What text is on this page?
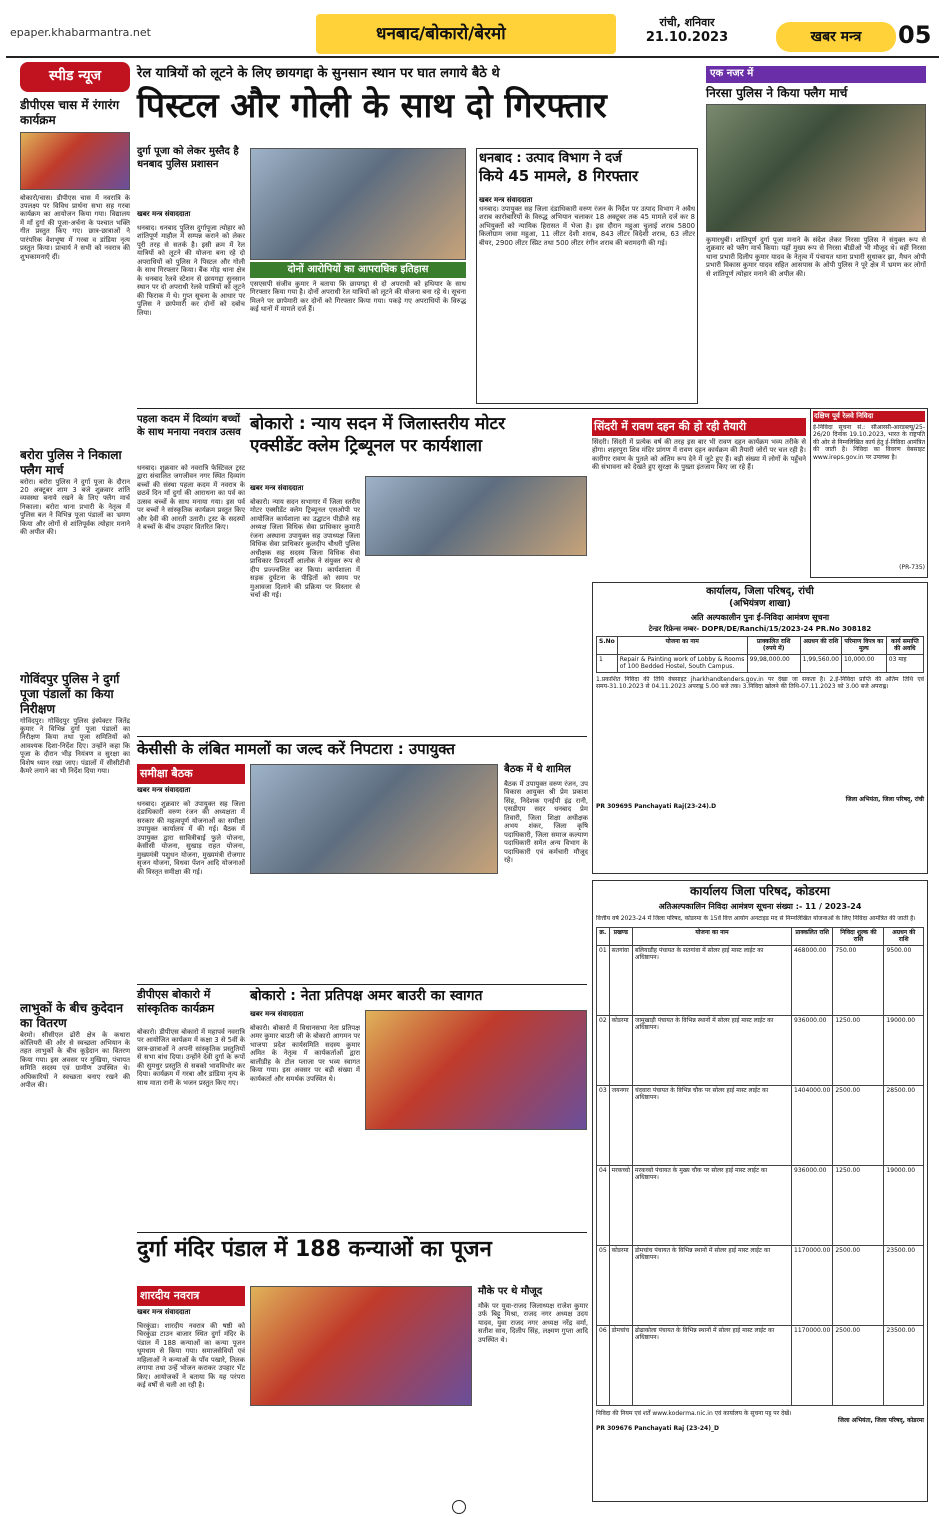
epaper.khabarmantra.net	धनबाद/बोकारो/बेरमो
रांची, शनिवार
21.10.2023	खबर मन्त्र	05
स्पीड न्यूज
डीपीएस चास में रंगारंग कार्यक्रम
बोकारो/चास। डीपीएस चास में नवरात्रि के उपलक्ष्य पर विविध प्रार्थना सभा सह गरबा कार्यक्रम का आयोजन किया गया। विद्यालय में माँ दुर्गा की पूजा-अर्चना के पश्चात भक्ति गीत प्रस्तुत किए गए। छात्र-छात्राओं ने पारंपरिक वेशभूषा में गरबा व डांडिया नृत्य प्रस्तुत किया। प्राचार्य ने सभी को नवरात्र की शुभकामनाएँ दीं।
बरोरा पुलिस ने निकाला फ्लैग मार्च
बरोरा। बरोरा पुलिस ने दुर्गा पूजा के दौरान 20 अक्टूबर शाम 3 बजे शुक्रवार शांति व्यवस्था बनाये रखने के लिए फ्लैग मार्च निकाला। बरोरा थाना प्रभारी के नेतृत्व में पुलिस बल ने विभिन्न पूजा पंडालों का भ्रमण किया और लोगों से शांतिपूर्वक त्योहार मनाने की अपील की।
गोविंदपुर पुलिस ने दुर्गा पूजा पंडालों का किया निरीक्षण
गोविंदपुर। गोविंदपुर पुलिस इंस्पेक्टर जितेंद्र कुमार ने विभिन्न दुर्गा पूजा पंडालों का निरीक्षण किया तथा पूजा समितियों को आवश्यक दिशा-निर्देश दिए। उन्होंने कहा कि पूजा के दौरान भीड़ नियंत्रण व सुरक्षा का विशेष ध्यान रखा जाए। पंडालों में सीसीटीवी कैमरे लगाने का भी निर्देश दिया गया।
लाभुकों के बीच कुदेदान का वितरण
बेरमो। सीसीएल ढोरी क्षेत्र के कथारा कोलियरी की ओर से स्वच्छता अभियान के तहत लाभुकों के बीच कूड़ेदान का वितरण किया गया। इस अवसर पर मुखिया, पंचायत समिति सदस्य एवं ग्रामीण उपस्थित थे। अधिकारियों ने स्वच्छता बनाए रखने की अपील की।
रेल यात्रियों को लूटने के लिए छायगद्दा के सुनसान स्थान पर घात लगाये बैठे थे
पिस्टल और गोली के साथ दो गिरफ्तार
दुर्गा पूजा को लेकर मुस्तैद है धनबाद पुलिस प्रशासन
खबर मन्त्र संवाददाता
धनबाद। धनबाद पुलिस दुर्गापूजा त्योहार को शांतिपूर्ण माहौल में सम्पन्न कराने को लेकर पूरी तरह से सतर्क है। इसी क्रम में रेल यात्रियों को लूटने की योजना बना रहे दो अपराधियों को पुलिस ने पिस्टल और गोली के साथ गिरफ्तार किया। बैंक मोड़ थाना क्षेत्र के धनबाद रेलवे स्टेशन से छायगद्दा सुनसान स्थान पर दो अपराधी रेलवे यात्रियों को लूटने की फिराक में थे। गुप्त सूचना के आधार पर पुलिस ने छापेमारी कर दोनों को दबोच लिया।
दोनों आरोपियों का आपराधिक इतिहास
एसएसपी संजीव कुमार ने बताया कि छायगद्दा से दो अपराधी को हथियार के साथ गिरफ्तार किया गया है। दोनों अपराधी रेल यात्रियों को लूटने की योजना बना रहे थे। सूचना मिलने पर छापेमारी कर दोनों को गिरफ्तार किया गया। पकड़े गए अपराधियों के विरुद्ध कई थानों में मामले दर्ज हैं।
धनबाद : उत्पाद विभाग ने दर्ज
किये 45 मामले, 8 गिरफ्तार
खबर मन्त्र संवाददाता
धनबाद। उपायुक्त सह जिला दंडाधिकारी वरुण रंजन के निर्देश पर उत्पाद विभाग ने अवैध शराब कारोबारियों के विरुद्ध अभियान चलाकर 18 अक्टूबर तक 45 मामले दर्ज कर 8 अभियुक्तों को न्यायिक हिरासत में भेजा है। इस दौरान महुआ चुलाई शराब 5800 किलोग्राम जावा महुआ, 11 लीटर देशी शराब, 843 लीटर विदेशी शराब, 63 लीटर बीयर, 2900 लीटर स्प्रिट तथा 500 लीटर रंगीन शराब की बरामदगी की गई।
एक नजर में
निरसा पुलिस ने किया फ्लैग मार्च
कुमारधुबी। शांतिपूर्ण दुर्गा पूजा मनाने के संदेश लेकर निरसा पुलिस ने संयुक्त रूप से शुक्रवार को फ्लैग मार्च किया। यहाँ मुख्य रूप से निरसा बीडीओ भी मौजूद थे। वहीं निरसा थाना प्रभारी दिलीप कुमार यादव के नेतृत्व में पंचायत थाना प्रभारी सुधाकर झा, मैथन ओपी प्रभारी विकास कुमार यादव सहित आसपास के ओपी पुलिस ने पूरे क्षेत्र में भ्रमण कर लोगों से शांतिपूर्ण त्योहार मनाने की अपील की।
पहला कदम में दिव्यांग बच्चों के साथ मनाया नवरात्र उत्सव
धनबाद। शुक्रवार को नवरात्रि फेस्टिवल ट्रस्ट द्वारा संचालित जगजीवन नगर स्थित दिव्यांग बच्चों की संस्था पहला कदम में नवरात्र के छठवें दिन माँ दुर्गा की आराधना का पर्व का उत्सव बच्चों के साथ मनाया गया। इस पर्व पर बच्चों ने सांस्कृतिक कार्यक्रम प्रस्तुत किए और देवी की आरती उतारी। ट्रस्ट के सदस्यों ने बच्चों के बीच उपहार वितरित किए।
बोकारो : न्याय सदन में जिलास्तरीय मोटर
एक्सीडेंट क्लेम ट्रिब्यूनल पर कार्यशाला
खबर मन्त्र संवाददाता
बोकारो। न्याय सदन सभागार में जिला स्तरीय मोटर एक्सीडेंट क्लेम ट्रिब्यूनल एसओपी पर आयोजित कार्यशाला का उद्घाटन पीडीजे सह अध्यक्ष जिला विधिक सेवा प्राधिकार कुमारी रंजना अस्थाना उपायुक्त सह उपाध्यक्ष जिला विधिक सेवा प्राधिकार कुलदीप चौधरी पुलिस अधीक्षक सह सदस्य जिला विधिक सेवा प्राधिकार प्रियदर्शी आलोक ने संयुक्त रूप से दीप प्रज्ज्वलित कर किया। कार्यशाला में सड़क दुर्घटना के पीड़ितों को समय पर मुआवजा दिलाने की प्रक्रिया पर विस्तार से चर्चा की गई।
सिंदरी में रावण दहन की हो रही तैयारी
सिंदरी। सिंदरी में प्रत्येक वर्ष की तरह इस बार भी रावण दहन कार्यक्रम भव्य तरीके से होगा। शहरपुरा शिव मंदिर प्रांगण में रावण दहन कार्यक्रम की तैयारी जोरों पर चल रही है। कारीगर रावण के पुतले को अंतिम रूप देने में जुटे हुए हैं। बड़ी संख्या में लोगों के पहुँचने की संभावना को देखते हुए सुरक्षा के पुख्ता इंतजाम किए जा रहे हैं।
दक्षिण पूर्व रेलवे निविदा
ई-निविदा सूचना सं.: सीआरसी-आरडब्ल्यू/25-26/20 दिनांक 19.10.2023, भारत के राष्ट्रपति की ओर से निम्नलिखित कार्य हेतु ई-निविदा आमंत्रित की जाती है। निविदा का विवरण वेबसाइट www.ireps.gov.in पर उपलब्ध है।
(PR-735)
कार्यालय, जिला परिषद्, रांची
(अभियंत्रण शाखा)
अति अल्पकालीन पुनः ई-निविदा आमंत्रण सूचना
टेन्डर रिफ्रेन्स नम्बर- DOPR/DE/Ranchi/15/2023-24 PR.No 308182
S.No	योजना का नाम	प्राक्कलित राशि (रुपये में)	अग्रधन की राशि	परिमाण विपत्र का मूल्य	कार्य समाप्ति की अवधि
1	Repair & Painting work of Lobby & Rooms of 100 Bedded Hostel, South Campus.	99,98,000.00	1,99,560.00	10,000.00	03 माह
1.प्रकाशित निविदा की तिथि वेबसाइट jharkhandtenders.gov.in पर देखा जा सकता है। 2.ई-निविदा प्राप्ति की अंतिम तिथि एवं समय-31.10.2023 से 04.11.2023 अपराह्न 5.00 बजे तक। 3.निविदा खोलने की तिथि-07.11.2023 को 3.00 बजे अपराह्न।
जिला अभियंता, जिला परिषद्, रांची
PR 309695 Panchayati Raj(23-24).D
केसीसी के लंबित मामलों का जल्द करें निपटारा : उपायुक्त
समीक्षा बैठक
खबर मन्त्र संवाददाता
धनबाद। शुक्रवार को उपायुक्त सह जिला दंडाधिकारी वरुण रंजन की अध्यक्षता में सरकार की महत्वपूर्ण योजनाओं का समीक्षा उपायुक्त कार्यालय में की गई। बैठक में उपायुक्त द्वारा सावित्रीबाई फुले योजना, केसीसी योजना, सुखाड़ राहत योजना, मुख्यमंत्री पशुधन योजना, मुख्यमंत्री रोजगार सृजन योजना, विधवा पेंशन आदि योजनाओं की विस्तृत समीक्षा की गई।
बैठक में थे शामिल
बैठक में उपायुक्त वरुण रंजन, उप विकास आयुक्त श्री प्रेम प्रकाश सिंह, निदेशक एनईपी इंद्र रानी, एसडीएम सदर धनबाद प्रेम तिवारी, जिला शिक्षा अधीक्षक अभय शंकर, जिला कृषि पदाधिकारी, जिला समाज कल्याण पदाधिकारी समेत अन्य विभाग के पदाधिकारी एवं कर्मचारी मौजूद रहे।
डीपीएस बोकारो में सांस्कृतिक कार्यक्रम
बोकारो। डीपीएस बोकारो में महापर्व नवरात्रि पर आयोजित कार्यक्रम में कक्षा 3 से 5वीं के छात्र-छात्राओं ने अपनी सांस्कृतिक प्रस्तुतियों से सभा बांध दिया। उन्होंने देवी दुर्गा के रूपों की सुमधुर प्रस्तुति से सबको भावविभोर कर दिया। कार्यक्रम में गरबा और डांडिया नृत्य के साथ माता रानी के भजन प्रस्तुत किए गए।
बोकारो : नेता प्रतिपक्ष अमर बाउरी का स्वागत
खबर मन्त्र संवाददाता
बोकारो। बोकारो में विधानसभा नेता प्रतिपक्ष अमर कुमार बाउरी जी के बोकारो आगमन पर भाजपा प्रदेश कार्यसमिति सदस्य कुमार अमित के नेतृत्व में कार्यकर्ताओं द्वारा बालीडीह के टोल प्लाजा पर भव्य स्वागत किया गया। इस अवसर पर बड़ी संख्या में कार्यकर्ता और समर्थक उपस्थित थे।
दुर्गा मंदिर पंडाल में 188 कन्याओं का पूजन
शारदीय नवरात्र
खबर मन्त्र संवाददाता
चिरकुंडा। शारदीय नवरात्र की षष्ठी को चिरकुंडा टाउन बाजार स्थित दुर्गा मंदिर के पंडाल में 188 कन्याओं का कन्या पूजन धूमधाम से किया गया। समाजसेवियों एवं महिलाओं ने कन्याओं के पाँव पखारे, तिलक लगाया तथा उन्हें भोजन कराकर उपहार भेंट किए। आयोजकों ने बताया कि यह परंपरा कई वर्षों से चली आ रही है।
मौके पर थे मौजूद
मौके पर युवा-राजद जिलाध्यक्ष राजेश कुमार उर्फ बिट्टू मिश्रा, राजद नगर अध्यक्ष उदय यादव, युवा राजद नगर अध्यक्ष नरेंद्र वर्मा, सतीश साव, दिलीप सिंह, लक्ष्मण गुप्ता आदि उपस्थित थे।
कार्यालय जिला परिषद, कोडरमा
अतिअल्पकालिन निविदा आमंत्रण सूचना संख्या :- 11 / 2023-24
वित्तीय वर्ष 2023-24 में जिला परिषद, कोडरमा के 15वें वित्त आयोग अनटाइड मद से निम्नलिखित योजनाओं के लिए निविदा आमंत्रित की जाती है।
क्र.	प्रखण्ड	योजना का नाम	प्राक्कलित राशि	निविदा शुल्क की राशि	अग्रधन की राशि
01	सतगांवा	बलियाडीह पंचायत के सतगांवा में सोलर हाई मास्ट लाईट का अधिष्ठापन।	468000.00	750.00	9500.00
02	कोडरमा	जामूखाड़ी पंचायत के विभिन्न स्थानों में सोलर हाई मास्ट लाईट का अधिष्ठापन।	936000.00	1250.00	19000.00
03	जयनगर	चंदवारा पंचायत के विभिन्न चौक पर सोलर हाई मास्ट लाईट का अधिष्ठापन।	1404000.00	2500.00	28500.00
04	मरकच्चो	मरकच्चो पंचायत के मुख्य चौक पर सोलर हाई मास्ट लाईट का अधिष्ठापन।	936000.00	1250.00	19000.00
05	कोडरमा	डोमचांच पंचायत के विभिन्न स्थानों में सोलर हाई मास्ट लाईट का अधिष्ठापन।	1170000.00	2500.00	23500.00
06	डोमचांच	ढोढाकोला पंचायत के विभिन्न स्थानों में सोलर हाई मास्ट लाईट का अधिष्ठापन।	1170000.00	2500.00	23500.00
निविदा की नियम एवं शर्तें www.koderma.nic.in एवं कार्यालय के सूचना पट्ट पर देखें।
जिला अभियंता, जिला परिषद्, कोडरमा
PR 309676 Panchayati Raj (23-24)_D
